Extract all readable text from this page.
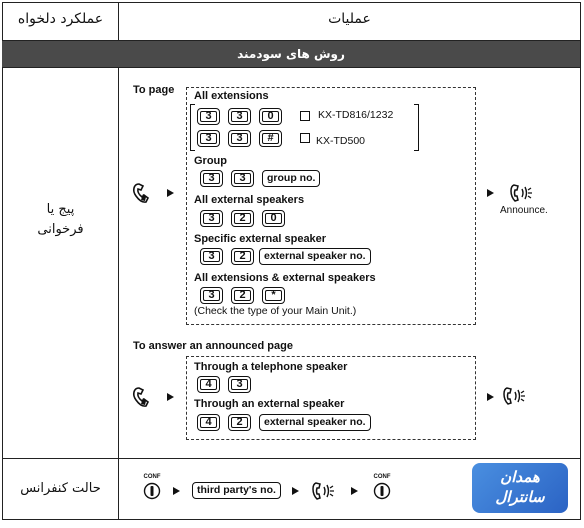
عملیات
عملکرد دلخواه
روش های سودمند
پیج یا
فرخوانی
To page All extensions
3	3	0	KX-TD816/1232
3	3	#	KX-TD500
Group
3	3	group no.
All external speakers
3	2	0
Specific external speaker
3	2	external speaker no.
All extensions & external speakers
3	2	*
(Check the type of your Main Unit.)
Announce.
To answer an announced page
Through a telephone speaker
4	3
Through an external speaker
4	2	external speaker no.
حالت کنفرانس
CONF
third party's no.
CONF	همدان
سانترال
